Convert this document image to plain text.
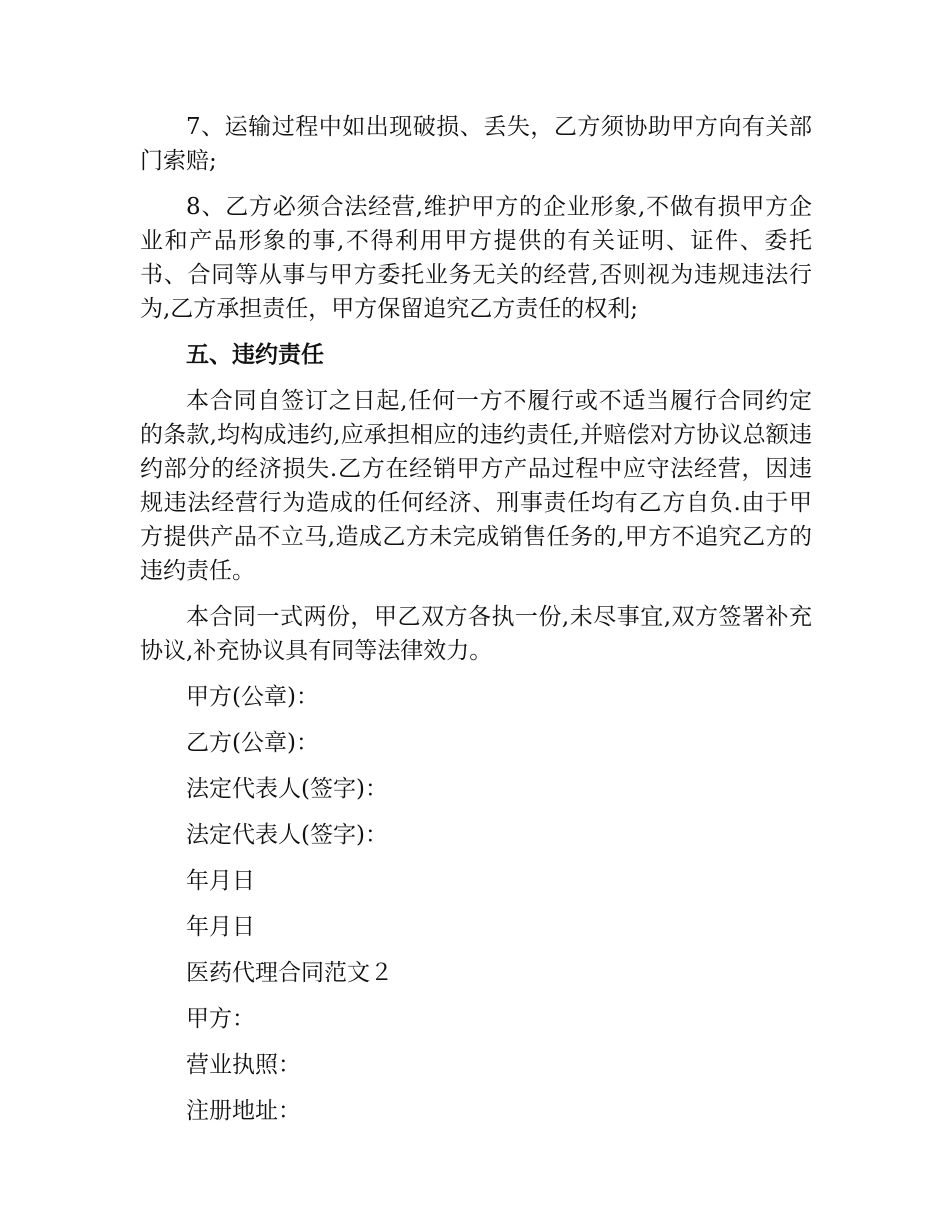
7、运输过程中如出现破损、丢失，乙方须协助甲方向有关部门索赔;

8、乙方必须合法经营,维护甲方的企业形象,不做有损甲方企业和产品形象的事,不得利用甲方提供的有关证明、证件、委托书、合同等从事与甲方委托业务无关的经营,否则视为违规违法行为,乙方承担责任，甲方保留追究乙方责任的权利;

五、违约责任

本合同自签订之日起,任何一方不履行或不适当履行合同约定的条款,均构成违约,应承担相应的违约责任,并赔偿对方协议总额违约部分的经济损失.乙方在经销甲方产品过程中应守法经营，因违规违法经营行为造成的任何经济、刑事责任均有乙方自负.由于甲方提供产品不立马,造成乙方未完成销售任务的,甲方不追究乙方的违约责任。

本合同一式两份，甲乙双方各执一份,未尽事宜,双方签署补充协议,补充协议具有同等法律效力。

甲方(公章)：

乙方(公章)：

法定代表人(签字)：

法定代表人(签字)：

年月日

年月日

医药代理合同范文２

甲方：

营业执照：

注册地址：
